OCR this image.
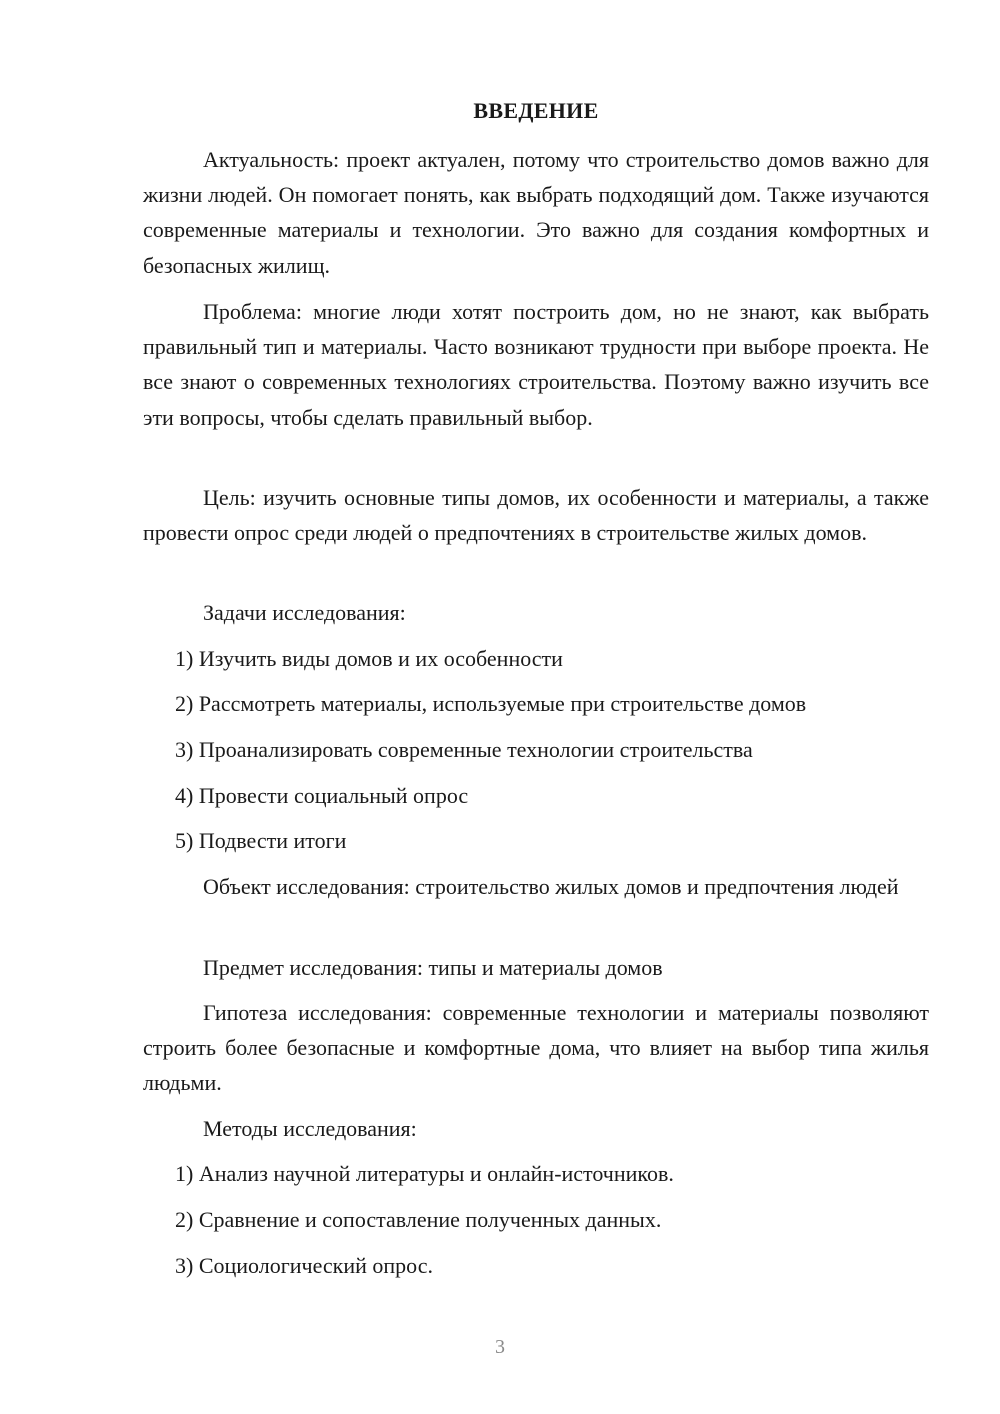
ВВЕДЕНИЕ

Актуальность: проект актуален, потому что строительство домов важно для жизни людей. Он помогает понять, как выбрать подходящий дом. Также изучаются современные материалы и технологии. Это важно для создания комфортных и безопасных жилищ.

Проблема: многие люди хотят построить дом, но не знают, как выбрать правильный тип и материалы. Часто возникают трудности при выборе проекта. Не все знают о современных технологиях строительства. Поэтому важно изучить все эти вопросы, чтобы сделать правильный выбор.

Цель: изучить основные типы домов, их особенности и материалы, а также провести опрос среди людей о предпочтениях в строительстве жилых домов.

Задачи исследования:

1) Изучить виды домов и их особенности

2) Рассмотреть материалы, используемые при строительстве домов

3) Проанализировать современные технологии строительства

4) Провести социальный опрос

5) Подвести итоги

Объект исследования: строительство жилых домов и предпочтения людей

Предмет исследования: типы и материалы домов

Гипотеза исследования: современные технологии и материалы позволяют строить более безопасные и комфортные дома, что влияет на выбор типа жилья людьми.

Методы исследования:

1) Анализ научной литературы и онлайн-источников.

2) Сравнение и сопоставление полученных данных.

3) Социологический опрос.

3
